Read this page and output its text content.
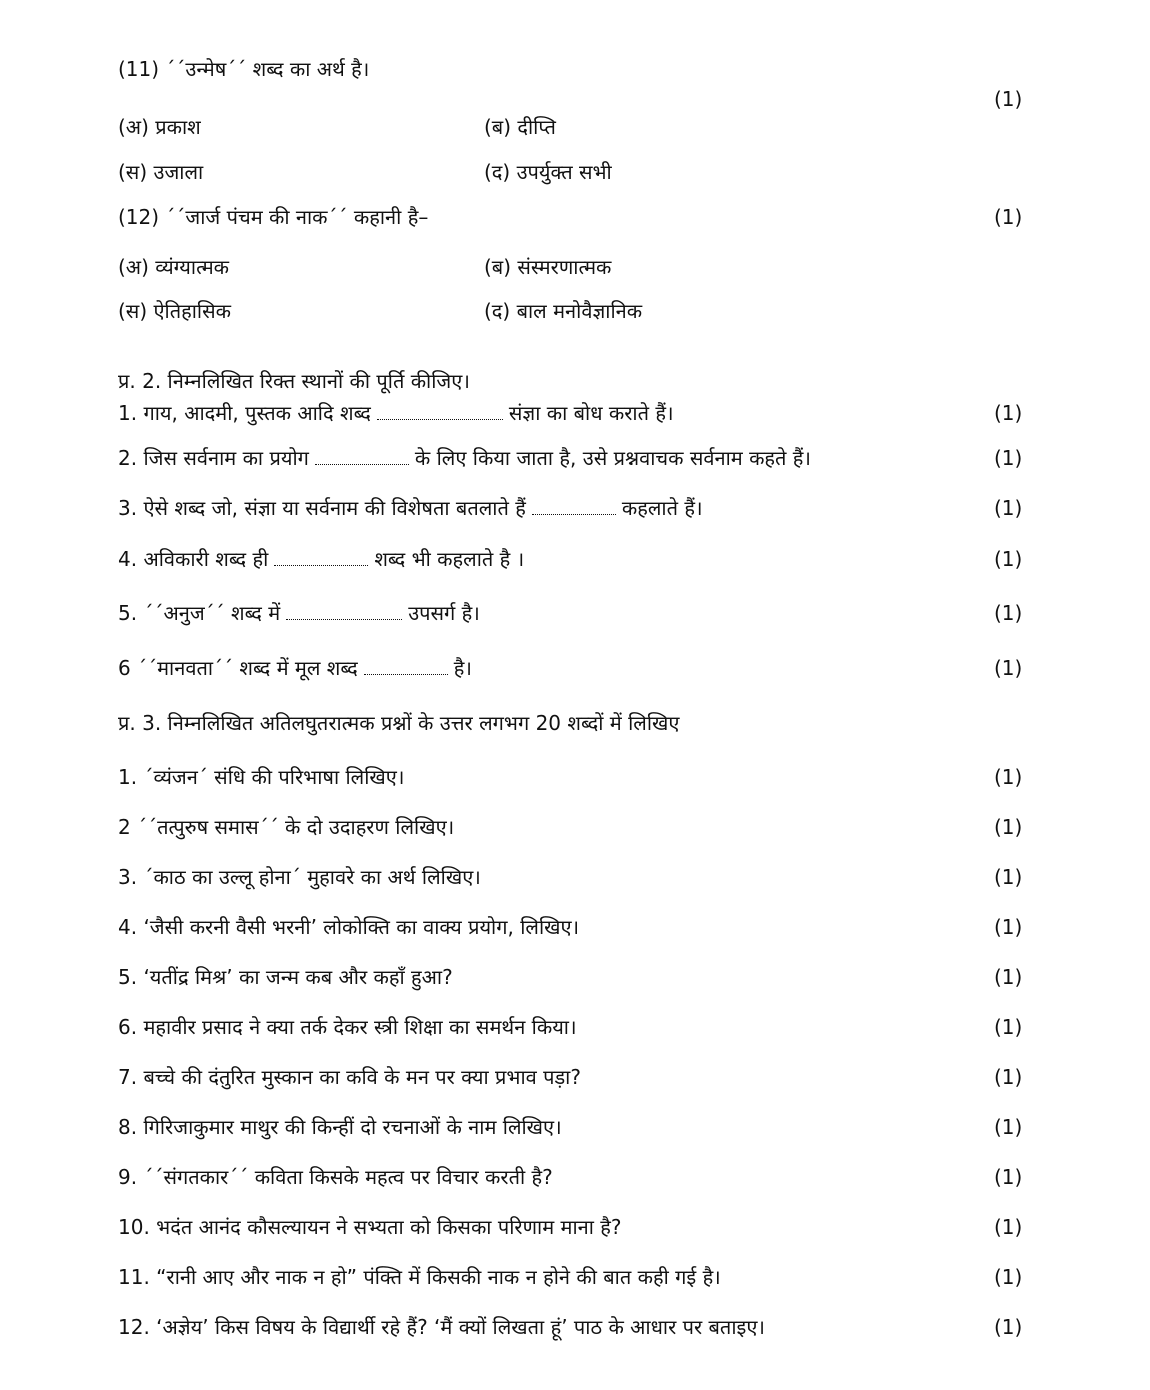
(11) ´´उन्मेष´´ शब्द का अर्थ है।
(1)
(अ) प्रकाश	(ब) दीप्ति
(स) उजाला	(द) उपर्युक्त सभी
(12) ´´जार्ज पंचम की नाक´´ कहानी है–	(1)
(अ) व्यंग्यात्मक	(ब) संस्मरणात्मक
(स) ऐतिहासिक	(द) बाल मनोवैज्ञानिक
प्र. 2. निम्नलिखित रिक्त स्थानों की पूर्ति कीजिए।
1. गाय, आदमी, पुस्तक आदि शब्द	संज्ञा का बोध कराते हैं।	(1)
2. जिस सर्वनाम का प्रयोग	के लिए किया जाता है, उसे प्रश्नवाचक सर्वनाम कहते हैं।	(1)
3. ऐसे शब्द जो, संज्ञा या सर्वनाम की विशेषता बतलाते हैं	कहलाते हैं।	(1)
4. अविकारी शब्द ही	शब्द भी कहलाते है ।	(1)
5. ´´अनुज´´ शब्द में	उपसर्ग है।	(1)
6 ´´मानवता´´ शब्द में मूल शब्द	है।	(1)
प्र. 3. निम्नलिखित अतिलघुतरात्मक प्रश्नों के उत्तर लगभग 20 शब्दों में लिखिए
1. ´व्यंजन´ संधि की परिभाषा लिखिए।	(1)
2 ´´तत्पुरुष समास´´ के दो उदाहरण लिखिए।	(1)
3. ´काठ का उल्लू होना´ मुहावरे का अर्थ लिखिए।	(1)
4. ‘जैसी करनी वैसी भरनी’ लोकोक्ति का वाक्य प्रयोग, लिखिए।	(1)
5. ‘यतींद्र मिश्र’ का जन्म कब और कहाँ हुआ?	(1)
6. महावीर प्रसाद ने क्या तर्क देकर स्त्री शिक्षा का समर्थन किया।	(1)
7. बच्चे की दंतुरित मुस्कान का कवि के मन पर क्या प्रभाव पड़ा?	(1)
8. गिरिजाकुमार माथुर की किन्हीं दो रचनाओं के नाम लिखिए।	(1)
9. ´´संगतकार´´ कविता किसके महत्व पर विचार करती है?	(1)
10. भदंत आनंद कौसल्यायन ने सभ्यता को किसका परिणाम माना है?	(1)
11. “रानी आए और नाक न हो” पंक्ति में किसकी नाक न होने की बात कही गई है।	(1)
12. ‘अज्ञेय’ किस विषय के विद्यार्थी रहे हैं? ‘मैं क्यों लिखता हूं’ पाठ के आधार पर बताइए।	(1)
